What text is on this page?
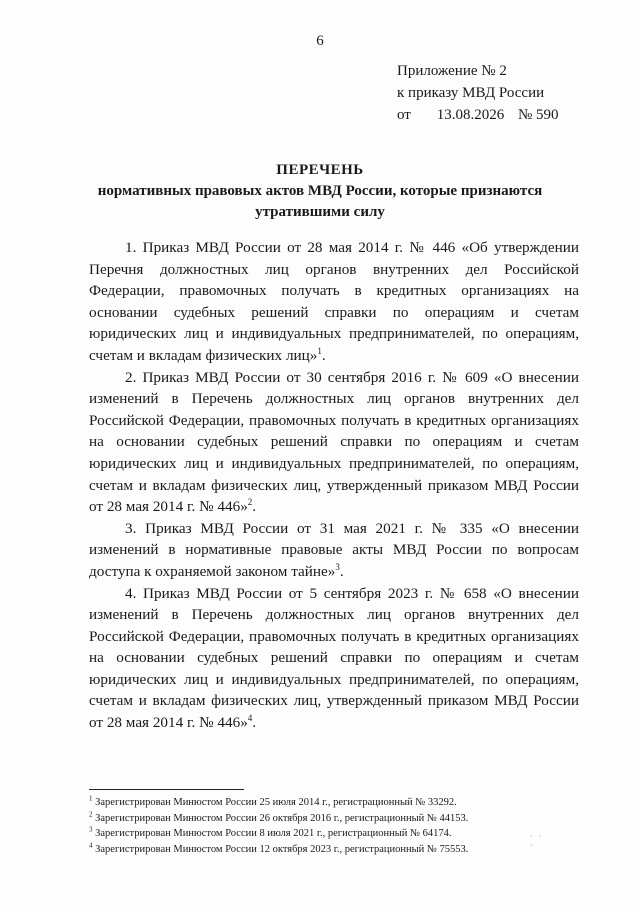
6
Приложение № 2
к приказу МВД России
от 13.08.2026 № 590
ПЕРЕЧЕНЬ
нормативных правовых актов МВД России, которые признаются
утратившими силу

1. Приказ МВД России от 28 мая 2014 г. № 446 «Об утверждении Перечня должностных лиц органов внутренних дел Российской Федерации, правомочных получать в кредитных организациях на основании судебных решений справки по операциям и счетам юридических лиц и индивидуальных предпринимателей, по операциям, счетам и вкладам физических лиц»$^1$.

2. Приказ МВД России от 30 сентября 2016 г. № 609 «О внесении изменений в Перечень должностных лиц органов внутренних дел Российской Федерации, правомочных получать в кредитных организациях на основании судебных решений справки по операциям и счетам юридических лиц и индивидуальных предпринимателей, по операциям, счетам и вкладам физических лиц, утвержденный приказом МВД России от 28 мая 2014 г. № 446»$^2$.

3. Приказ МВД России от 31 мая 2021 г. № 335 «О внесении изменений в нормативные правовые акты МВД России по вопросам доступа к охраняемой законом тайне»$^3$.

4. Приказ МВД России от 5 сентября 2023 г. № 658 «О внесении изменений в Перечень должностных лиц органов внутренних дел Российской Федерации, правомочных получать в кредитных организациях на основании судебных решений справки по операциям и счетам юридических лиц и индивидуальных предпринимателей, по операциям, счетам и вкладам физических лиц, утвержденный приказом МВД России от 28 мая 2014 г. № 446»$^4$.

$^1$ Зарегистрирован Минюстом России 25 июля 2014 г., регистрационный № 33292.
$^2$ Зарегистрирован Минюстом России 26 октября 2016 г., регистрационный № 44153.
$^3$ Зарегистрирован Минюстом России 8 июля 2021 г., регистрационный № 64174.
$^4$ Зарегистрирован Минюстом России 12 октября 2023 г., регистрационный № 75553.
· ·
·
